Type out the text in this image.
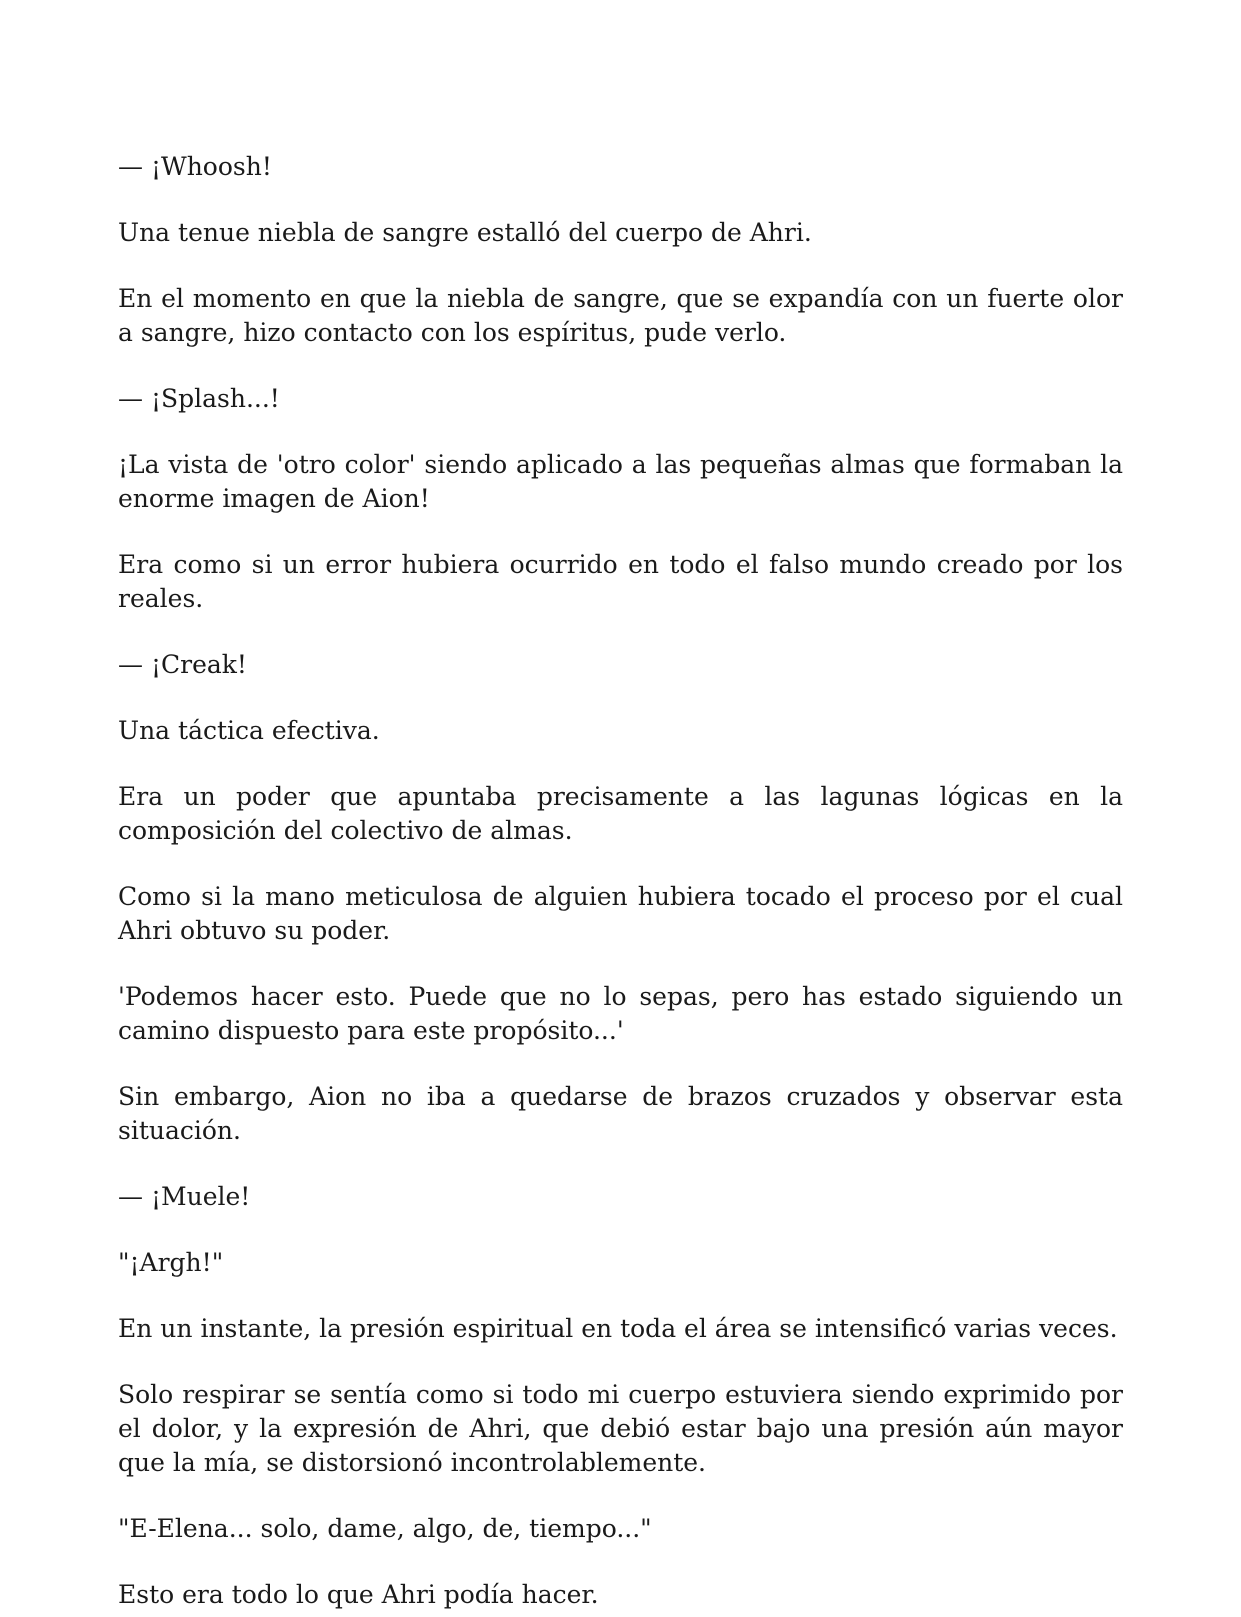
— ¡Whoosh!

Una tenue niebla de sangre estalló del cuerpo de Ahri.

En el momento en que la niebla de sangre, que se expandía con un fuerte olor a sangre, hizo contacto con los espíritus, pude verlo.

— ¡Splash...!

¡La vista de 'otro color' siendo aplicado a las pequeñas almas que formaban la enorme imagen de Aion!

Era como si un error hubiera ocurrido en todo el falso mundo creado por los reales.

— ¡Creak!

Una táctica efectiva.

Era un poder que apuntaba precisamente a las lagunas lógicas en la composición del colectivo de almas.

Como si la mano meticulosa de alguien hubiera tocado el proceso por el cual Ahri obtuvo su poder.

'Podemos hacer esto. Puede que no lo sepas, pero has estado siguiendo un camino dispuesto para este propósito...'

Sin embargo, Aion no iba a quedarse de brazos cruzados y observar esta situación.

— ¡Muele!

"¡Argh!"

En un instante, la presión espiritual en toda el área se intensificó varias veces.

Solo respirar se sentía como si todo mi cuerpo estuviera siendo exprimido por el dolor, y la expresión de Ahri, que debió estar bajo una presión aún mayor que la mía, se distorsionó incontrolablemente.

"E-Elena... solo, dame, algo, de, tiempo..."

Esto era todo lo que Ahri podía hacer.
